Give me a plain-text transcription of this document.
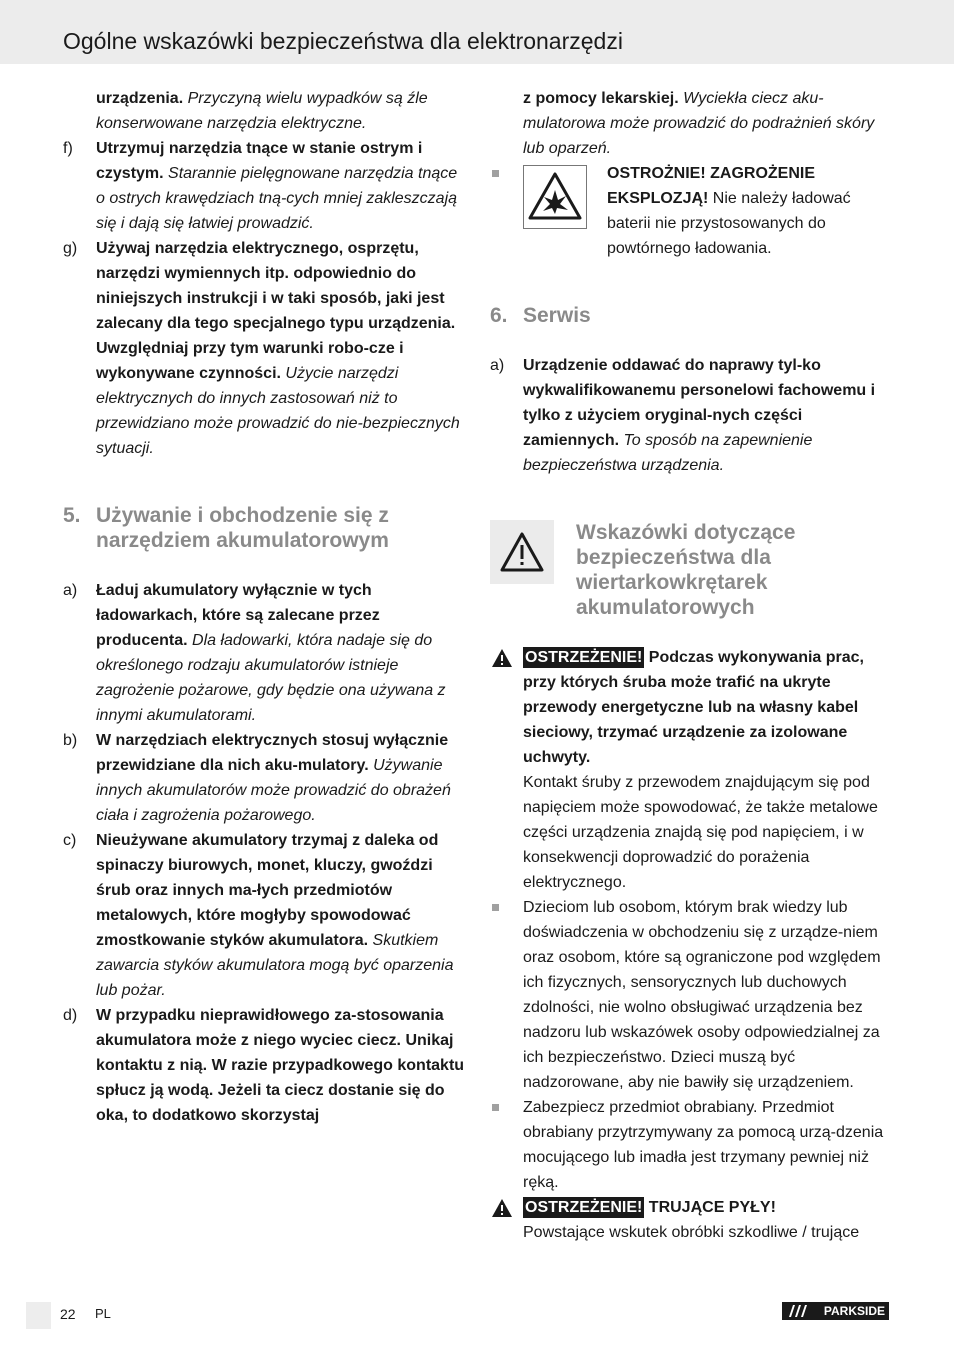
Ogólne wskazówki bezpieczeństwa dla elektronarzędzi
urządzenia. Przyczyną wielu wypadków są źle konserwowane narzędzia elektryczne.
f) Utrzymuj narzędzia tnące w stanie ostrym i czystym. Starannie pielęgnowane narzędzia tnące o ostrych krawędziach tną-cych mniej zakleszczają się i dają się łatwiej prowadzić.
g) Używaj narzędzia elektrycznego, osprzętu, narzędzi wymiennych itp. odpowiednio do niniejszych instrukcji i w taki sposób, jaki jest zalecany dla tego specjalnego typu urządzenia. Uwzględniaj przy tym warunki robo-cze i wykonywane czynności. Użycie narzędzi elektrycznych do innych zastosowań niż to przewidziano może prowadzić do nie-bezpiecznych sytuacji.
5. Używanie i obchodzenie się z narzędziem akumulatorowym
a) Ładuj akumulatory wyłącznie w tych ładowarkach, które są zalecane przez producenta. Dla ładowarki, która nadaje się do określonego rodzaju akumulatorów istnieje zagrożenie pożarowe, gdy będzie ona używana z innymi akumulatorami.
b) W narzędziach elektrycznych stosuj wyłącznie przewidziane dla nich aku-mulatory. Używanie innych akumulatorów może prowadzić do obrażeń ciała i zagrożenia pożarowego.
c) Nieużywane akumulatory trzymaj z daleka od spinaczy biurowych, monet, kluczy, gwoździ śrub oraz innych ma-łych przedmiotów metalowych, które mogłyby spowodować zmostkowanie styków akumulatora. Skutkiem zawarcia styków akumulatora mogą być oparzenia lub pożar.
d) W przypadku nieprawidłowego za-stosowania akumulatora może z niego wyciec ciecz. Unikaj kontaktu z nią. W razie przypadkowego kontaktu spłucz ją wodą. Jeżeli ta ciecz dostanie się do oka, to dodatkowo skorzystaj
z pomocy lekarskiej. Wyciekła ciecz aku-mulatorowa może prowadzić do podrażnień skóry lub oparzeń.
OSTROŻNIE! ZAGROŻENIE EKSPLOZJĄ! Nie należy ładować baterii nie przystosowanych do powtórnego ładowania.
6. Serwis
a) Urządzenie oddawać do naprawy tyl-ko wykwalifikowanemu personelowi fachowemu i tylko z użyciem oryginal-nych części zamiennych. To sposób na zapewnienie bezpieczeństwa urządzenia.
Wskazówki dotyczące bezpieczeństwa dla wiertarkowkrętarek akumulatorowych
OSTRZEŻENIE! Podczas wykonywania prac, przy których śruba może trafić na ukryte przewody energetyczne lub na własny kabel sieciowy, trzymać urządzenie za izolowane uchwyty.
Kontakt śruby z przewodem znajdującym się pod napięciem może spowodować, że także metalowe części urządzenia znajdą się pod napięciem, i w konsekwencji doprowadzić do porażenia elektrycznego.
Dzieciom lub osobom, którym brak wiedzy lub doświadczenia w obchodzeniu się z urządze-niem oraz osobom, które są ograniczone pod względem ich fizycznych, sensorycznych lub duchowych zdolności, nie wolno obsługiwać urządzenia bez nadzoru lub wskazówek osoby odpowiedzialnej za ich bezpieczeństwo. Dzieci muszą być nadzorowane, aby nie bawiły się urządzeniem.
Zabezpiecz przedmiot obrabiany. Przedmiot obrabiany przytrzymywany za pomocą urzą-dzenia mocującego lub imadła jest trzymany pewniej niż ręką.
OSTRZEŻENIE! TRUJĄCE PYŁY!
Powstające wskutek obróbki szkodliwe / trujące
22 PL	PARKSIDE
